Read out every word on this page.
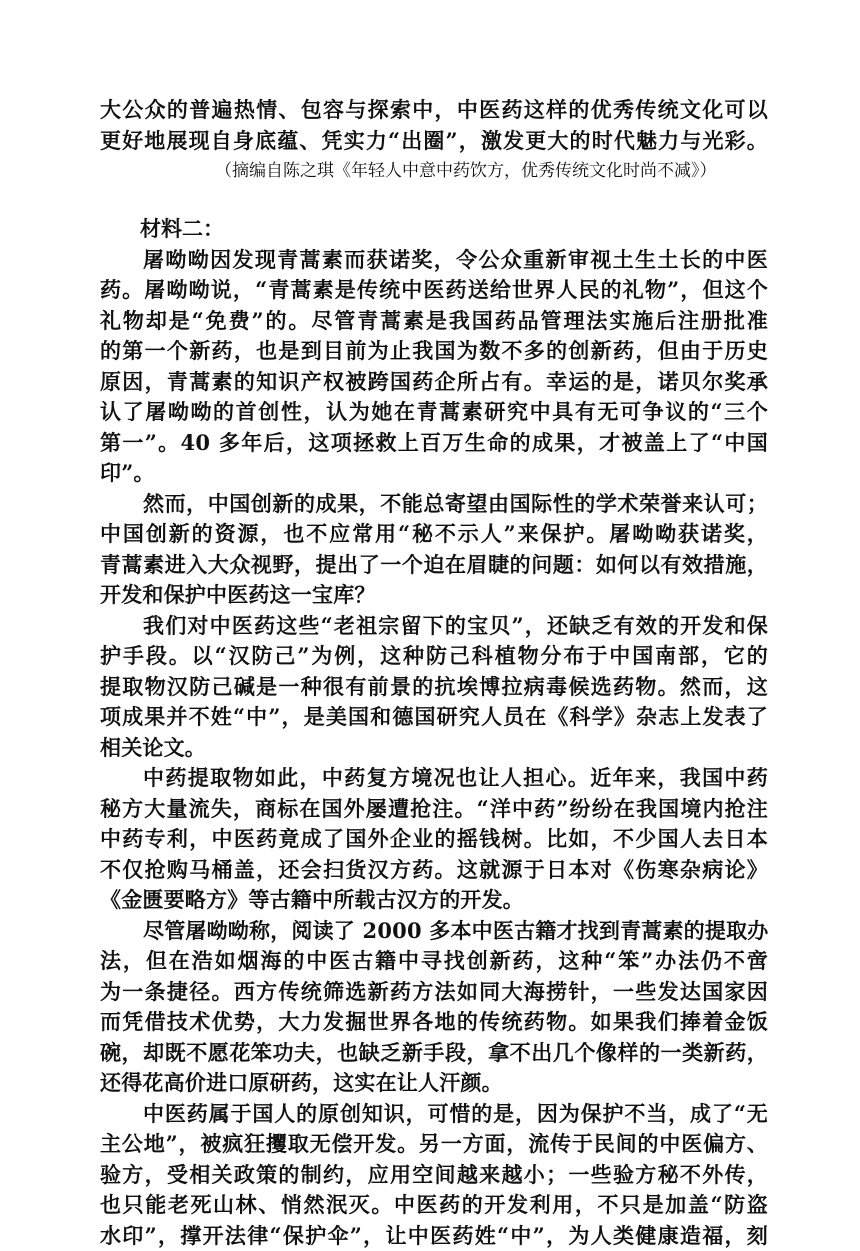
大公众的普遍热情、包容与探索中，中医药这样的优秀传统文化可以
更好地展现自身底蕴、凭实力“出圈”，激发更大的时代魅力与光彩。
（摘编自陈之琪《年轻人中意中药饮方，优秀传统文化时尚不减》）
材料二：
屠呦呦因发现青蒿素而获诺奖，令公众重新审视土生土长的中医
药。屠呦呦说，“青蒿素是传统中医药送给世界人民的礼物”，但这个
礼物却是“免费”的。尽管青蒿素是我国药品管理法实施后注册批准
的第一个新药，也是到目前为止我国为数不多的创新药，但由于历史
原因，青蒿素的知识产权被跨国药企所占有。幸运的是，诺贝尔奖承
认了屠呦呦的首创性，认为她在青蒿素研究中具有无可争议的“三个
第一”。40 多年后，这项拯救上百万生命的成果，才被盖上了“中国
印”。
然而，中国创新的成果，不能总寄望由国际性的学术荣誉来认可；
中国创新的资源，也不应常用“秘不示人”来保护。屠呦呦获诺奖，
青蒿素进入大众视野，提出了一个迫在眉睫的问题：如何以有效措施，
开发和保护中医药这一宝库？
我们对中医药这些“老祖宗留下的宝贝”，还缺乏有效的开发和保
护手段。以“汉防己”为例，这种防己科植物分布于中国南部，它的
提取物汉防己碱是一种很有前景的抗埃博拉病毒候选药物。然而，这
项成果并不姓“中”，是美国和德国研究人员在《科学》杂志上发表了
相关论文。
中药提取物如此，中药复方境况也让人担心。近年来，我国中药
秘方大量流失，商标在国外屡遭抢注。“洋中药”纷纷在我国境内抢注
中药专利，中医药竟成了国外企业的摇钱树。比如，不少国人去日本
不仅抢购马桶盖，还会扫货汉方药。这就源于日本对《伤寒杂病论》
《金匮要略方》等古籍中所载古汉方的开发。
尽管屠呦呦称，阅读了 2000 多本中医古籍才找到青蒿素的提取办
法，但在浩如烟海的中医古籍中寻找创新药，这种“笨”办法仍不啻
为一条捷径。西方传统筛选新药方法如同大海捞针，一些发达国家因
而凭借技术优势，大力发掘世界各地的传统药物。如果我们捧着金饭
碗，却既不愿花笨功夫，也缺乏新手段，拿不出几个像样的一类新药，
还得花高价进口原研药，这实在让人汗颜。
中医药属于国人的原创知识，可惜的是，因为保护不当，成了“无
主公地”，被疯狂攫取无偿开发。另一方面，流传于民间的中医偏方、
验方，受相关政策的制约，应用空间越来越小；一些验方秘不外传，
也只能老死山林、悄然泯灭。中医药的开发利用，不只是加盖“防盗
水印”，撑开法律“保护伞”，让中医药姓“中”，为人类健康造福，刻
